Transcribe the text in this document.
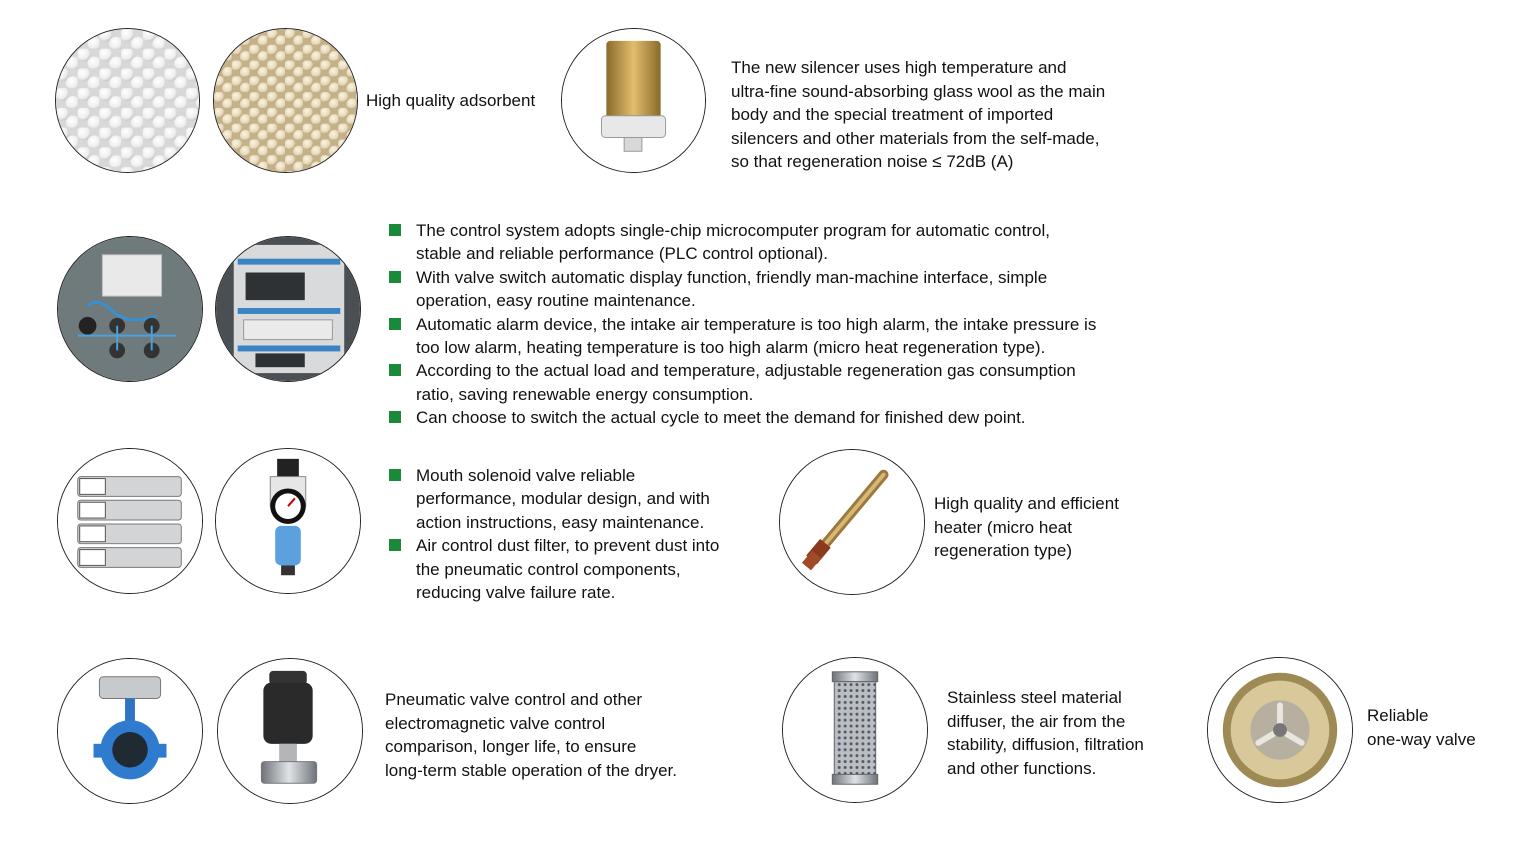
High quality adsorbent
The new silencer uses high temperature and
ultra-fine sound-absorbing glass wool as the main
body and the special treatment of imported
silencers and other materials from the self-made,
so that regeneration noise ≤ 72dB (A)
The control system adopts single-chip microcomputer program for automatic control,
stable and reliable performance (PLC control optional).
With valve switch automatic display function, friendly man-machine interface, simple
operation, easy routine maintenance.
Automatic alarm device, the intake air temperature is too high alarm, the intake pressure is
too low alarm, heating temperature is too high alarm (micro heat regeneration type).
According to the actual load and temperature, adjustable regeneration gas consumption
ratio, saving renewable energy consumption.
Can choose to switch the actual cycle to meet the demand for finished dew point.
Mouth solenoid valve reliable
performance, modular design, and with
action instructions, easy maintenance.
Air control dust filter, to prevent dust into
the pneumatic control components,
reducing valve failure rate.
High quality and efficient
heater (micro heat
regeneration type)
Pneumatic valve control and other
electromagnetic valve control
comparison, longer life, to ensure
long-term stable operation of the dryer.
Stainless steel material
diffuser, the air from the
stability, diffusion, filtration
and other functions.
Reliable
one-way valve
